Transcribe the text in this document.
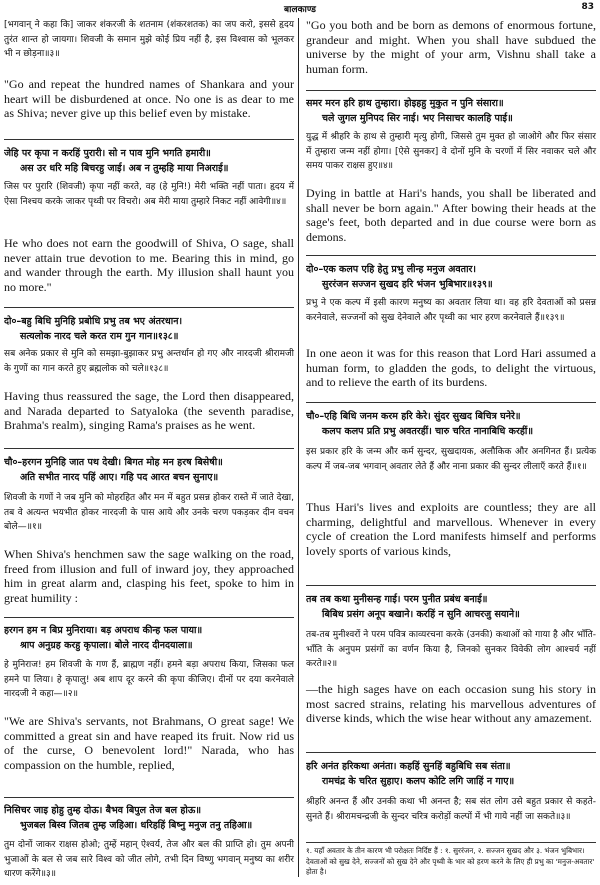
बालकाण्ड	83

[भगवान्‌ ने कहा कि] जाकर शंकरजी के शतनाम (शंकरशतक) का जप करो, इससे हृदय तुरंत शान्त हो जायगा। शिवजी के समान मुझे कोई प्रिय नहीं है, इस विश्वास को भूलकर भी न छोड़ना॥३॥

"Go and repeat the hundred names of Shankara and your heart will be disburdened at once. No one is as dear to me as Shiva; never give up this belief even by mistake.

जेहि पर कृपा न करहिं पुरारी। सो न पाव मुनि भगति हमारी॥

अस उर धरि महि बिचरहु जाई। अब न तुम्हहि माया निअराई॥

जिस पर पुरारि (शिवजी) कृपा नहीं करते, वह (हे मुनि!) मेरी भक्ति नहीं पाता। हृदय में ऐसा निश्चय करके जाकर पृथ्वी पर विचरो। अब मेरी माया तुम्हारे निकट नहीं आवेगी॥४॥

He who does not earn the goodwill of Shiva, O sage, shall never attain true devotion to me. Bearing this in mind, go and wander through the earth. My illusion shall haunt you no more."

दो०–बहु बिधि मुनिहि प्रबोधि प्रभु तब भए अंतरधान।

सत्यलोक नारद चले करत राम गुन गान॥१३८॥

सब अनेक प्रकार से मुनि को समझा-बुझाकर प्रभु अन्तर्धान हो गए और नारदजी श्रीरामजी के गुणों का गान करते हुए ब्रह्मलोक को चले॥१३८॥

Having thus reassured the sage, the Lord then disappeared, and Narada departed to Satyaloka (the seventh paradise, Brahma's realm), singing Rama's praises as he went.

चौ०–हरगन मुनिहि जात पथ देखी। बिगत मोह मन हरष बिसेषी॥

अति सभीत नारद पहिं आए। गहि पद आरत बचन सुनाए॥

शिवजी के गणों ने जब मुनि को मोहरहित और मन में बहुत प्रसन्न होकर रास्ते में जाते देखा, तब वे अत्यन्त भयभीत होकर नारदजी के पास आये और उनके चरण पकड़कर दीन वचन बोले—॥१॥

When Shiva's henchmen saw the sage walking on the road, freed from illusion and full of inward joy, they approached him in great alarm and, clasping his feet, spoke to him in great humility :

हरगन हम न बिप्र मुनिराया। बड़ अपराध कीन्ह फल पाया॥

श्राप अनुग्रह करहु कृपाला। बोले नारद दीनदयाला॥

हे मुनिराज! हम शिवजी के गण हैं, ब्राह्मण नहीं। हमने बड़ा अपराध किया, जिसका फल हमने पा लिया। हे कृपालु! अब शाप दूर करने की कृपा कीजिए। दीनों पर दया करनेवाले नारदजी ने कहा—॥२॥

"We are Shiva's servants, not Brahmans, O great sage! We committed a great sin and have reaped its fruit. Now rid us of the curse, O benevolent lord!" Narada, who has compassion on the humble, replied,

निसिचर जाइ होहु तुम्ह दोऊ। बैभव बिपुल तेज बल होऊ॥

भुजबल बिस्व जितब तुम्ह जहिआ। धरिहहिं बिष्नु मनुज तनु तहिआ॥

तुम दोनों जाकर राक्षस होओ; तुम्हें महान्‌ ऐश्वर्य, तेज और बल की प्राप्ति हो। तुम अपनी भुजाओं के बल से जब सारे विश्व को जीत लोगे, तभी दिन विष्णु भगवान्‌ मनुष्य का शरीर धारण करेंगे॥३॥

"Go you both and be born as demons of enormous fortune, grandeur and might. When you shall have subdued the universe by the might of your arm, Vishnu shall take a human form.

समर मरन हरि हाथ तुम्हारा। होइहहु मुकुत न पुनि संसारा॥

चले जुगल मुनिपद सिर नाई। भए निसाचर कालहि पाई॥

युद्ध में श्रीहरि के हाथ से तुम्हारी मृत्यु होगी, जिससे तुम मुक्त हो जाओगे और फिर संसार में तुम्हारा जन्म नहीं होगा। [ऐसे सुनकर] वे दोनों मुनि के चरणों में सिर नवाकर चले और समय पाकर राक्षस हुए॥४॥

Dying in battle at Hari's hands, you shall be liberated and shall never be born again." After bowing their heads at the sage's feet, both departed and in due course were born as demons.

दो०–एक कलप एहि हेतु प्रभु लीन्ह मनुज अवतार।

सुररंजन सज्जन सुखद हरि भंजन भुबिभार॥१३९॥

प्रभु ने एक कल्प में इसी कारण मनुष्य का अवतार लिया था। वह हरि देवताओं को प्रसन्न करनेवाले, सज्जनों को सुख देनेवाले और पृथ्वी का भार हरण करनेवाले हैं॥१३९॥

In one aeon it was for this reason that Lord Hari assumed a human form, to gladden the gods, to delight the virtuous, and to relieve the earth of its burdens.

चौ०–एहि बिधि जनम करम हरि केरे। सुंदर सुखद बिचित्र घनेरे॥

कलप कलप प्रति प्रभु अवतरहीं। चारु चरित नानाबिधि करहीं॥

इस प्रकार हरि के जन्म और कर्म सुन्दर, सुखदायक, अलौकिक और अनगिनत हैं। प्रत्येक कल्प में जब-जब भगवान्‌ अवतार लेते हैं और नाना प्रकार की सुन्दर लीलाएँ करते हैं॥१॥

Thus Hari's lives and exploits are countless; they are all charming, delightful and marvellous. Whenever in every cycle of creation the Lord manifests himself and performs lovely sports of various kinds,

तब तब कथा मुनीसन्ह गाई। परम पुनीत प्रबंध बनाई॥

बिबिध प्रसंग अनूप बखाने। करहिं न सुनि आचरजु सयाने॥

तब-तब मुनीश्वरों ने परम पवित्र काव्यरचना करके (उनकी) कथाओं को गाया है और भाँति-भाँति के अनुपम प्रसंगों का वर्णन किया है, जिनको सुनकर विवेकी लोग आश्चर्य नहीं करते॥२॥

—the high sages have on each occasion sung his story in most sacred strains, relating his marvellous adventures of diverse kinds, which the wise hear without any amazement.

हरि अनंत हरिकथा अनंता। कहहिं सुनहिं बहुबिधि सब संता॥

रामचंद्र के चरित सुहाए। कलप कोटि लगि जाहिं न गाए॥

श्रीहरि अनन्त हैं और उनकी कथा भी अनन्त है; सब संत लोग उसे बहुत प्रकार से कहते-सुनते हैं। श्रीरामचन्द्रजी के सुन्दर चरित्र करोड़ों कल्पों में भी गाये नहीं जा सकते॥३॥

१. यहाँ अवतार के तीन कारण भी परोक्षतः निर्दिष्ट हैं : १. सुररंजन, २. सज्जन सुखद और ३. भंजन भुबिभार। देवताओं को सुख देने, सज्जनों को सुख देने और पृथ्वी के भार को हरण करने के लिए ही प्रभु का 'मनुज-अवतार' होता है।
